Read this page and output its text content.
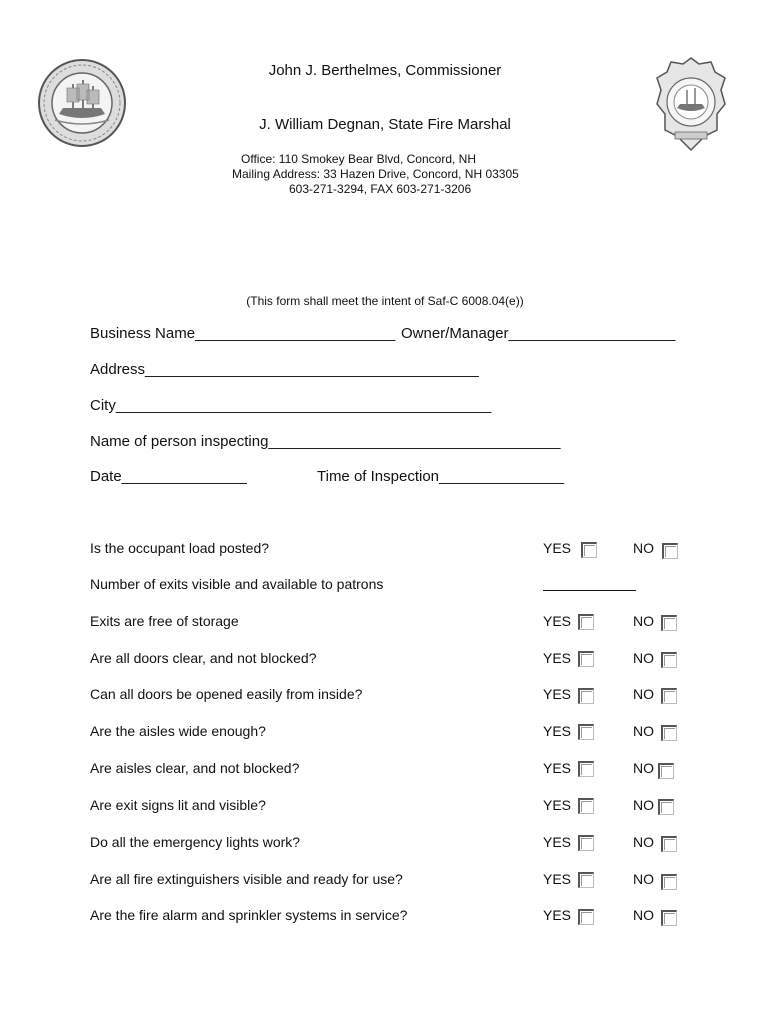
John J. Berthelmes, Commissioner
J. William Degnan, State Fire Marshal
Office: 110 Smokey Bear Blvd, Concord, NH
Mailing Address: 33 Hazen Drive, Concord, NH 03305
603-271-3294, FAX 603-271-3206
(This form shall meet the intent of Saf-C 6008.04(e))
Business Name________________________ Owner/Manager____________________
Address________________________________________
City_____________________________________________
Name of person inspecting___________________________________
Date_______________	Time of Inspection_______________
Is the occupant load posted?	YES	NO
Number of exits visible and available to patrons
Exits are free of storage	YES	NO
Are all doors clear, and not blocked?	YES	NO
Can all doors be opened easily from inside?	YES	NO
Are the aisles wide enough?	YES	NO
Are aisles clear, and not blocked?	YES	NO
Are exit signs lit and visible?	YES	NO
Do all the emergency lights work?	YES	NO
Are all fire extinguishers visible and ready for use?	YES	NO
Are the fire alarm and sprinkler systems in service?	YES	NO
